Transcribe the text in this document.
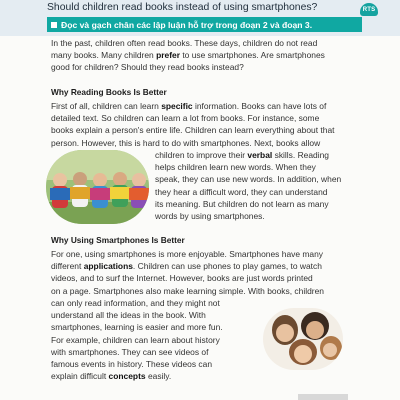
Should children read books instead of using smartphones?	RTS
Đọc và gạch chân các lập luận hỗ trợ trong đoạn 2 và đoạn 3.
In the past, children often read books. These days, children do not read
many books. Many children prefer to use smartphones. Are smartphones
good for children? Should they read books instead?
Why Reading Books Is Better
First of all, children can learn specific information. Books can have lots of
detailed text. So children can learn a lot from books. For instance, some
books explain a person's entire life. Children can learn everything about that
person. However, this is hard to do with smartphones. Next, books allow
children to improve their verbal skills. Reading
helps children learn new words. When they
speak, they can use new words. In addition, when
they hear a difficult word, they can understand
its meaning. But children do not learn as many
words by using smartphones.
Why Using Smartphones Is Better
For one, using smartphones is more enjoyable. Smartphones have many
different applications. Children can use phones to play games, to watch
videos, and to surf the Internet. However, books are just words printed
on a page. Smartphones also make learning simple. With books, children
can only read information, and they might not
understand all the ideas in the book. With
smartphones, learning is easier and more fun.
For example, children can learn about history
with smartphones. They can see videos of
famous events in history. These videos can
explain difficult concepts easily.
